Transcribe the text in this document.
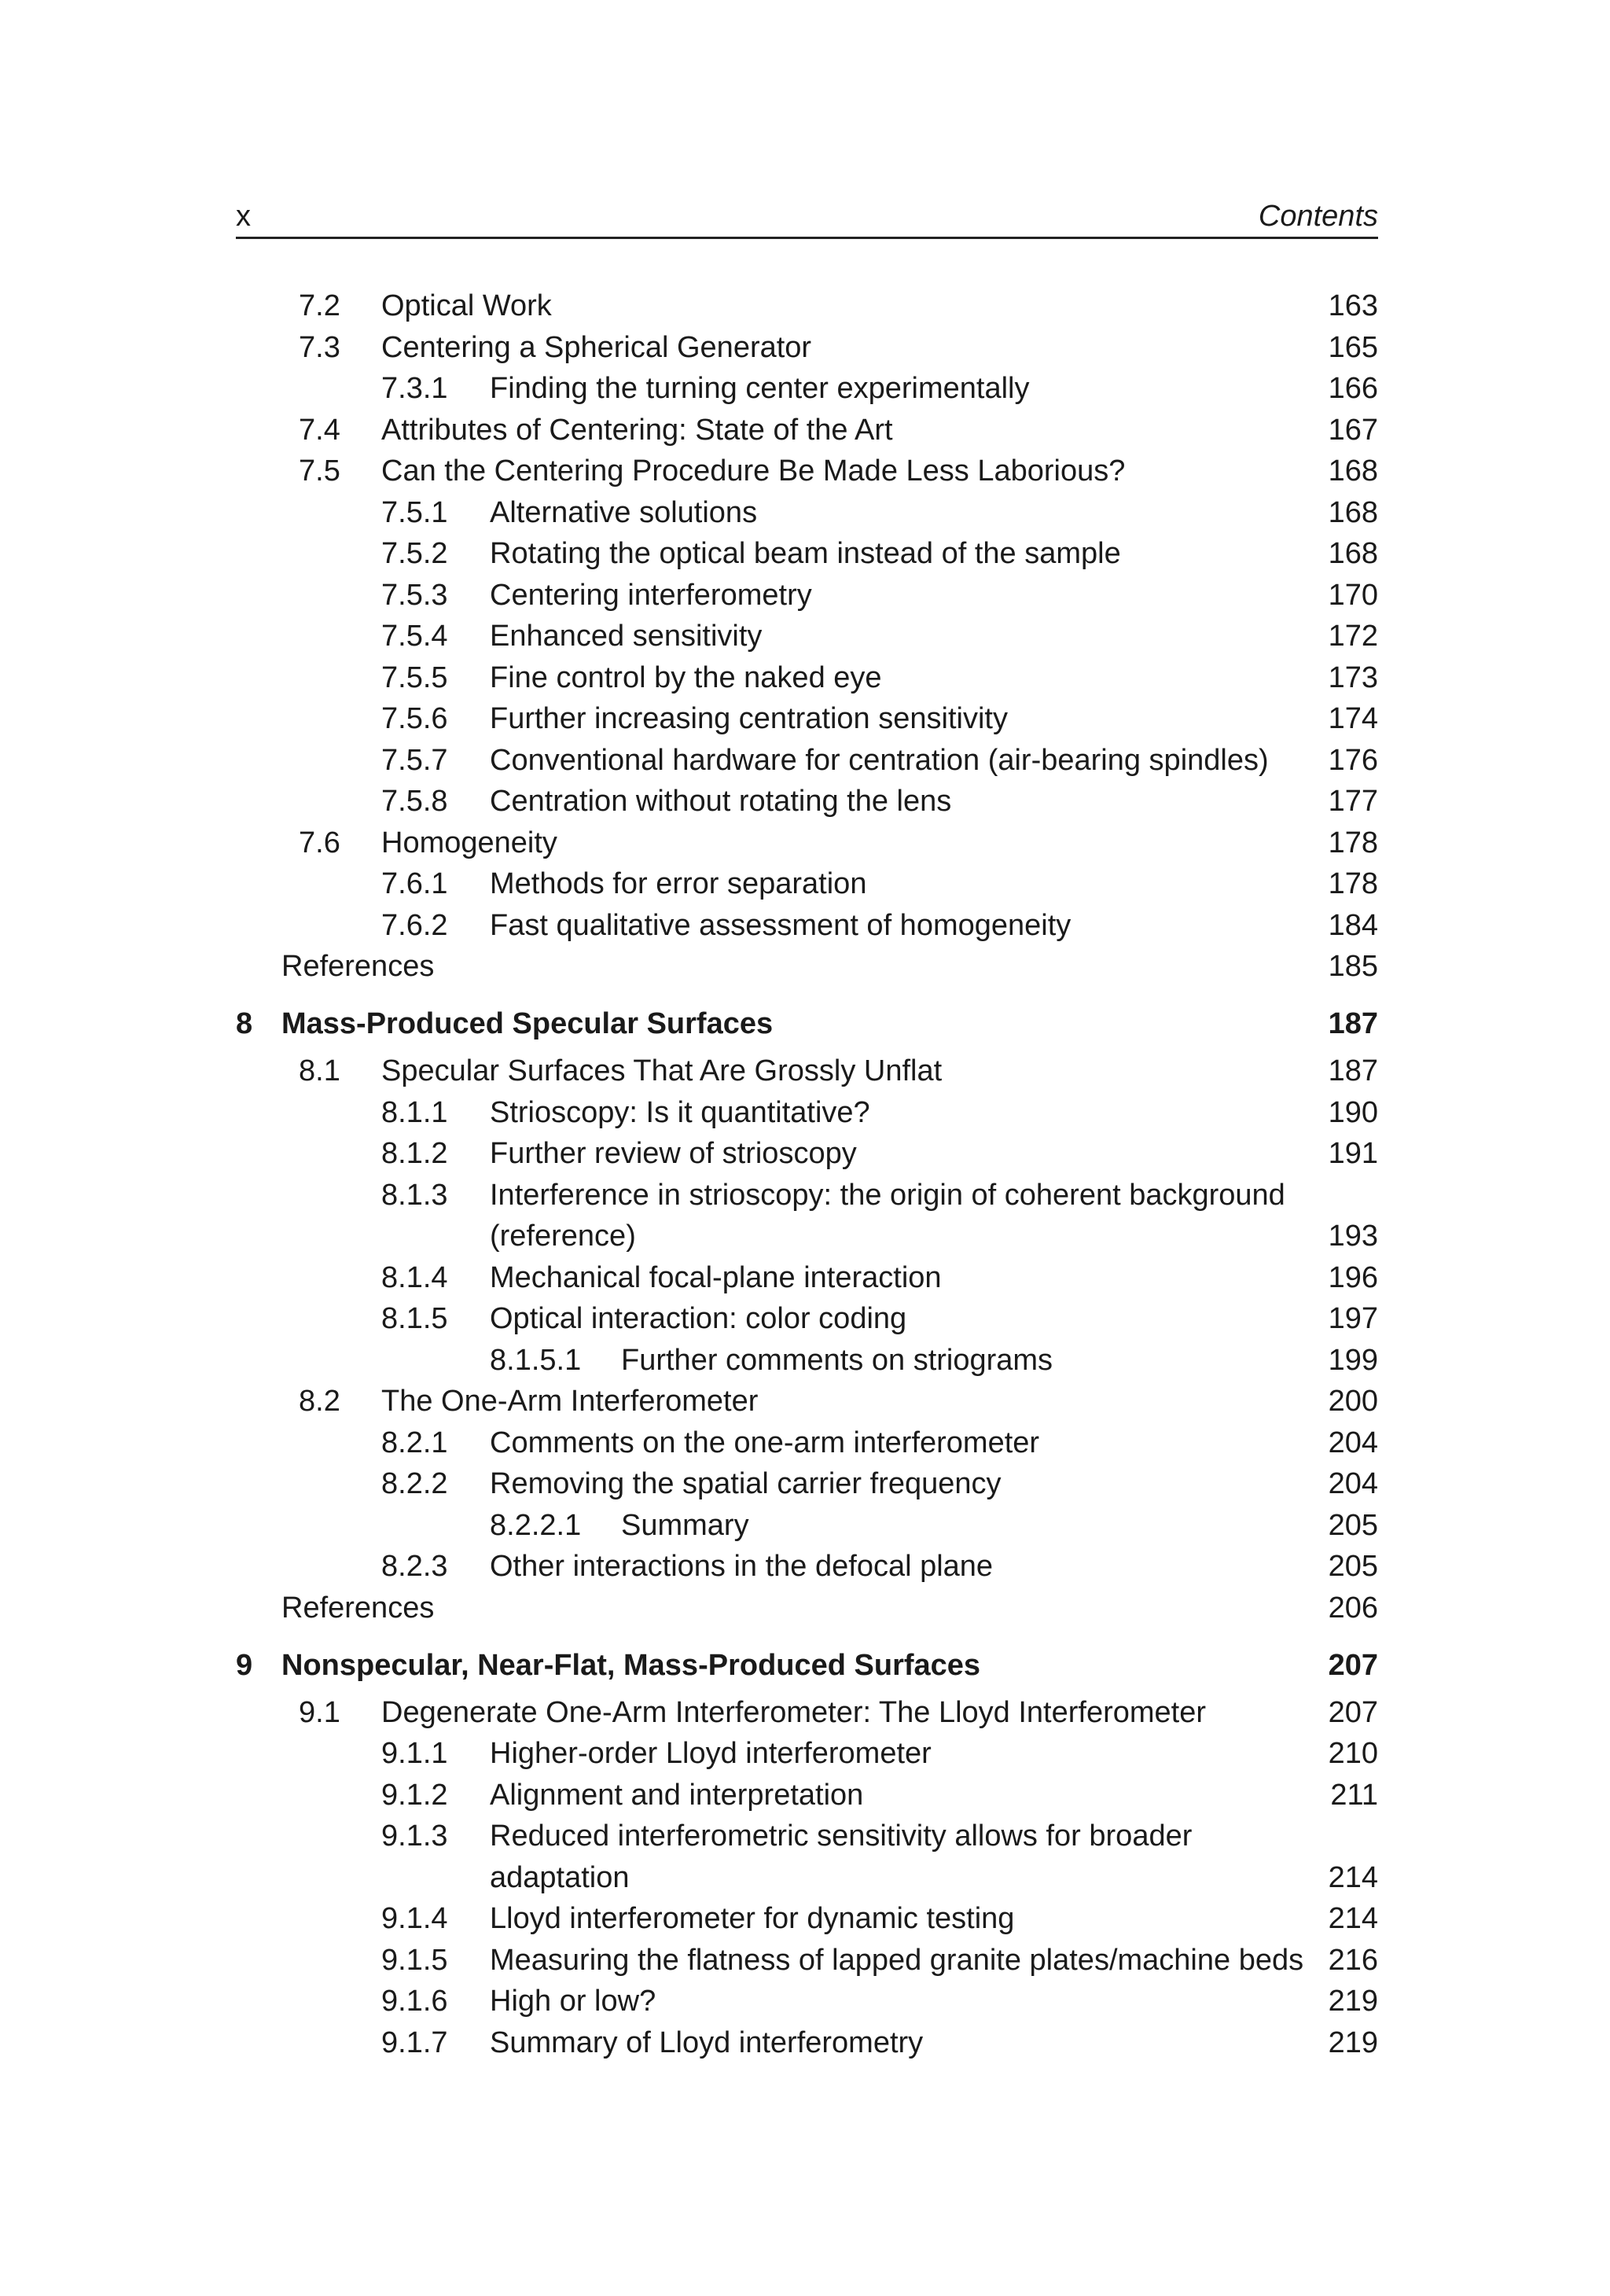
x	Contents
7.2 Optical Work	163
7.3 Centering a Spherical Generator	165
7.3.1 Finding the turning center experimentally	166
7.4 Attributes of Centering: State of the Art	167
7.5 Can the Centering Procedure Be Made Less Laborious?	168
7.5.1 Alternative solutions	168
7.5.2 Rotating the optical beam instead of the sample	168
7.5.3 Centering interferometry	170
7.5.4 Enhanced sensitivity	172
7.5.5 Fine control by the naked eye	173
7.5.6 Further increasing centration sensitivity	174
7.5.7 Conventional hardware for centration (air-bearing spindles) 176
7.5.8 Centration without rotating the lens	177
7.6 Homogeneity	178
7.6.1 Methods for error separation	178
7.6.2 Fast qualitative assessment of homogeneity	184
References	185
8 Mass-Produced Specular Surfaces	187
8.1 Specular Surfaces That Are Grossly Unflat	187
8.1.1 Strioscopy: Is it quantitative?	190
8.1.2 Further review of strioscopy	191
8.1.3 Interference in strioscopy: the origin of coherent background
(reference)	193
8.1.4 Mechanical focal-plane interaction	196
8.1.5 Optical interaction: color coding	197
8.1.5.1 Further comments on striograms	199
8.2 The One-Arm Interferometer	200
8.2.1 Comments on the one-arm interferometer	204
8.2.2 Removing the spatial carrier frequency	204
8.2.2.1 Summary	205
8.2.3 Other interactions in the defocal plane	205
References	206
9 Nonspecular, Near-Flat, Mass-Produced Surfaces	207
9.1 Degenerate One-Arm Interferometer: The Lloyd Interferometer	207
9.1.1 Higher-order Lloyd interferometer	210
9.1.2 Alignment and interpretation	211
9.1.3 Reduced interferometric sensitivity allows for broader
adaptation	214
9.1.4 Lloyd interferometer for dynamic testing	214
9.1.5 Measuring the flatness of lapped granite plates/machine beds 216
9.1.6 High or low?	219
9.1.7 Summary of Lloyd interferometry	219
